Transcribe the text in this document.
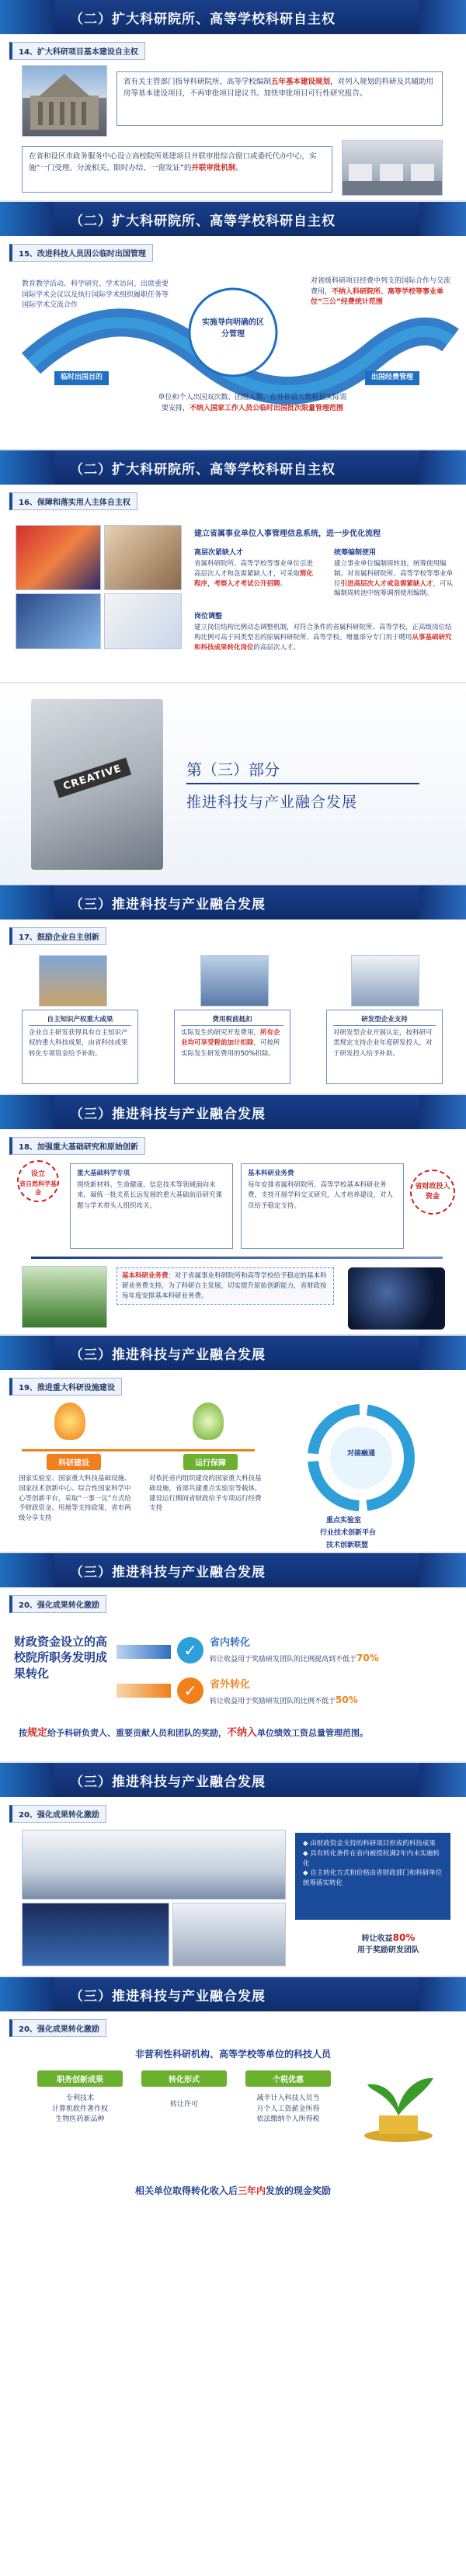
（二）扩大科研院所、高等学校科研自主权
14、扩大科研项目基本建设自主权
省有关主管部门指导科研院所、高等学校编制五年基本建设规划，对列入规划的科研及其辅助用房等基本建设项目，不再审批项目建议书。加快审批项目可行性研究报告。
在省和设区市政务服务中心设立高校院所基建项目并联审批综合窗口或委托代办中心，实施“一门受理、分流相关、限时办结、一窗发证”的并联审批机制。
（二）扩大科研院所、高等学校科研自主权
15、改进科技人员因公临时出国管理
教育教学活动、科学研究、学术访问、出席重要国际学术会议以及执行国际学术组织履职任务等国际学术交流合作
实施导向明确的区分管理
对省级科研项目经费中列支的国际合作与交流费用，不纳入科研院所、高等学校等事业单位“三公”经费统计范围
临时出国目的	出国经费管理
单位和个人出国双次数、团组人数、在外停留天数根据实际需要安排，不纳入国家工作人员公临时出国批次限量管理范围
（二）扩大科研院所、高等学校科研自主权
16、保障和落实用人主体自主权
建立省属事业单位人事管理信息系统，进一步优化流程
高层次紧缺人才
省属科研院所、高等学校等事业单位引进高层次人才和急需紧缺人才，可采取简化程序，考察入才考试公开招聘。
统筹编制使用
建立事业单位编制周转池，统筹使用编制。对省属科研院所、高等学校等事业单位引进高层次人才或急需紧缺人才，可从编制周转池中统筹调剂使用编制。
岗位调整
建立岗位结构比例动态调整机制，对符合条件的省属科研院所、高等学校，正高级岗位结构比例可高于同类型名的原属科研院所、高等学校。增量部分专门用于聘用从事基础研究和科技成果转化岗位的高层次人才。
CREATIVE	第（三）部分
推进科技与产业融合发展
（三）推进科技与产业融合发展
17、鼓励企业自主创新
自主知识产权重大成果
企业自主研发获得具有自主知识产权的重大科技成果，由省科技成果转化专项资金给予补助。
费用税前抵扣
实际发生的研究开发费用，所有企业均可享受税前加计扣除，可按所实际发生研发费用的50%扣除。
研发型企业支持
对研发型企业开展认定，按科研可类规定支持企业年度研发投入，对于研发投入给予补助。
（三）推进科技与产业融合发展
18、加强重大基础研究和原始创新
设立
省自然科学基金
重大基础科学专项
围绕新材料、生命健康、信息技术等领域面向未来，凝练一批关系长远发展的重大基础前沿研究课题与学术带头人组织攻关。
基本科研业务费
每年安排省属科研院所、高等学校基本科研业务费，支持开展学科交叉研究，人才培养建设，对人员给予稳定支持。
省财政投入资金
基本科研业务费：对于省属事业科研院所和高等学校给予稳定的基本科研业务费支持，为了科研自主发展，切实提升原始创新能力，省财政按每年度安排基本科研业务费。
（三）推进科技与产业融合发展
19、推进重大科研设施建设
科研建设	运行保障
国家实验室、国家重大科技基础设施、国家技术创新中心、综合性国家科学中心等创新平台，采取“一事一议”方式给予财政资金、用地等支持政策，省市两级分享支持
对依托省内组织建设的国家重大科技基础设施，省部共建重点实验室等载体，建设运行期间省财政给予专项运行经费支持
对接融通
重点实验室
行业技术创新平台
技术创新联盟
（三）推进科技与产业融合发展
20、强化成果转化激励
财政资金设立的高校院所职务发明成果转化
✓
✓
省内转化
转让收益用于奖励研发团队的比例提高到不低于70%
省外转化
转让收益用于奖励研发团队的比例不低于50%
按规定给予科研负责人、重要贡献人员和团队的奖励，不纳入单位绩效工资总量管理范围。
（三）推进科技与产业融合发展
20、强化成果转化激励
◆ 由财政资金支持的科研项目形成的科技成果
◆ 具有转化条件在省内被授权满2年内未实施转化
◆ 自主转化方式和价格由省财政部门和科研单位统筹落实转化
转让收益80%
用于奖励研发团队
（三）推进科技与产业融合发展
20、强化成果转化激励
非营利性科研机构、高等学校等单位的科技人员
职务创新成果	转化形式	个税优惠
专利技术
计算机软件著作权
生物医药新品种
转让许可
减半计入科技人员当
月个人工资薪金所得
依法缴纳个人所得税
相关单位取得转化收入后三年内发放的现金奖励
